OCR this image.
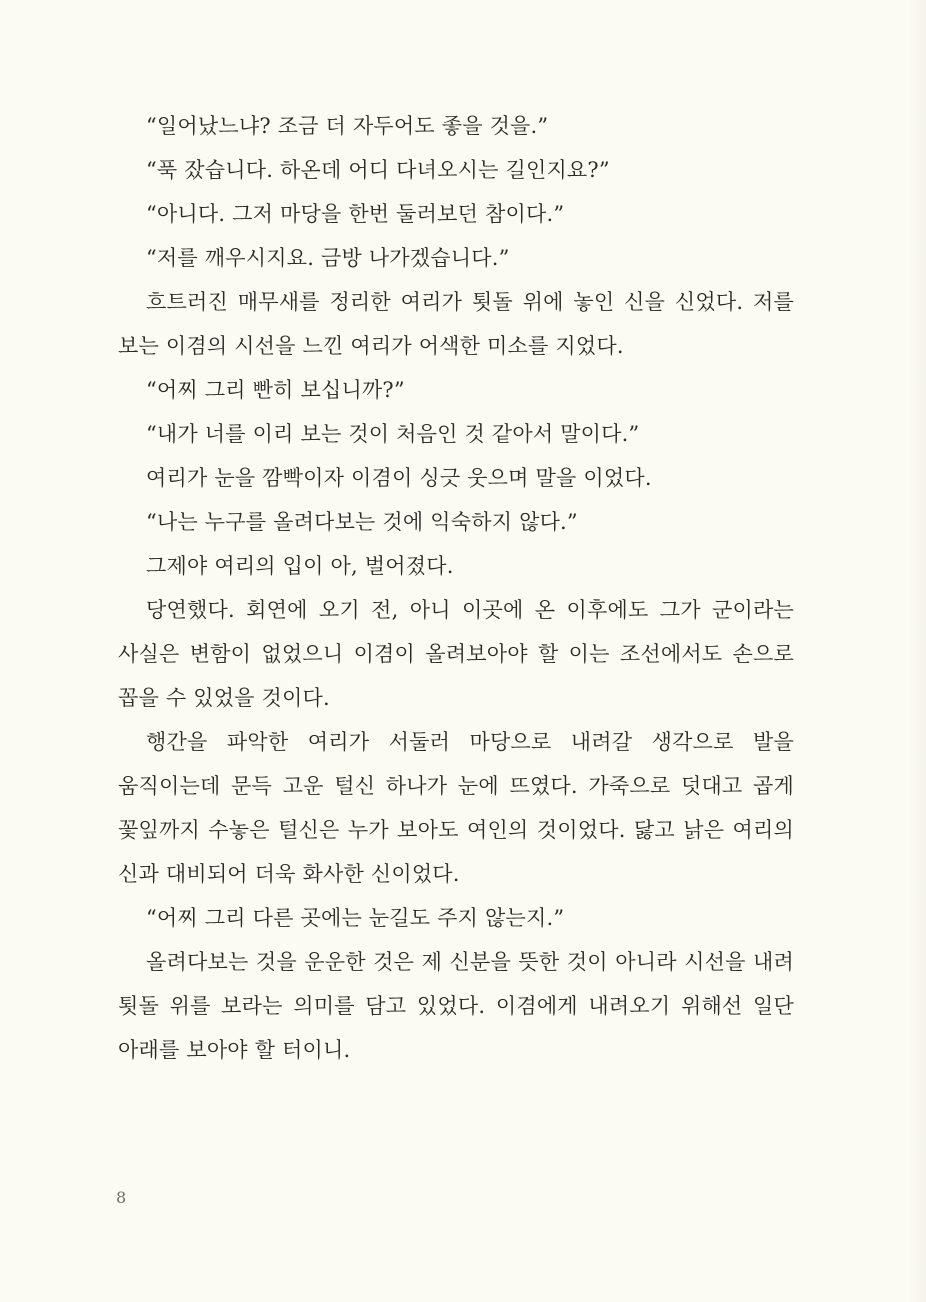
“일어났느냐? 조금 더 자두어도 좋을 것을.”

“푹 잤습니다. 하온데 어디 다녀오시는 길인지요?”

“아니다. 그저 마당을 한번 둘러보던 참이다.”

“저를 깨우시지요. 금방 나가겠습니다.”

흐트러진 매무새를 정리한 여리가 툇돌 위에 놓인 신을 신었다. 저를 보는 이겸의 시선을 느낀 여리가 어색한 미소를 지었다.

“어찌 그리 빤히 보십니까?”

“내가 너를 이리 보는 것이 처음인 것 같아서 말이다.”

여리가 눈을 깜빡이자 이겸이 싱긋 웃으며 말을 이었다.

“나는 누구를 올려다보는 것에 익숙하지 않다.”

그제야 여리의 입이 아, 벌어졌다.

당연했다. 회연에 오기 전, 아니 이곳에 온 이후에도 그가 군이라는 사실은 변함이 없었으니 이겸이 올려보아야 할 이는 조선에서도 손으로 꼽을 수 있었을 것이다.

행간을 파악한 여리가 서둘러 마당으로 내려갈 생각으로 발을 움직이는데 문득 고운 털신 하나가 눈에 뜨였다. 가죽으로 덧대고 곱게 꽃잎까지 수놓은 털신은 누가 보아도 여인의 것이었다. 닳고 낡은 여리의 신과 대비되어 더욱 화사한 신이었다.

“어찌 그리 다른 곳에는 눈길도 주지 않는지.”

올려다보는 것을 운운한 것은 제 신분을 뜻한 것이 아니라 시선을 내려 툇돌 위를 보라는 의미를 담고 있었다. 이겸에게 내려오기 위해선 일단 아래를 보아야 할 터이니.

8
